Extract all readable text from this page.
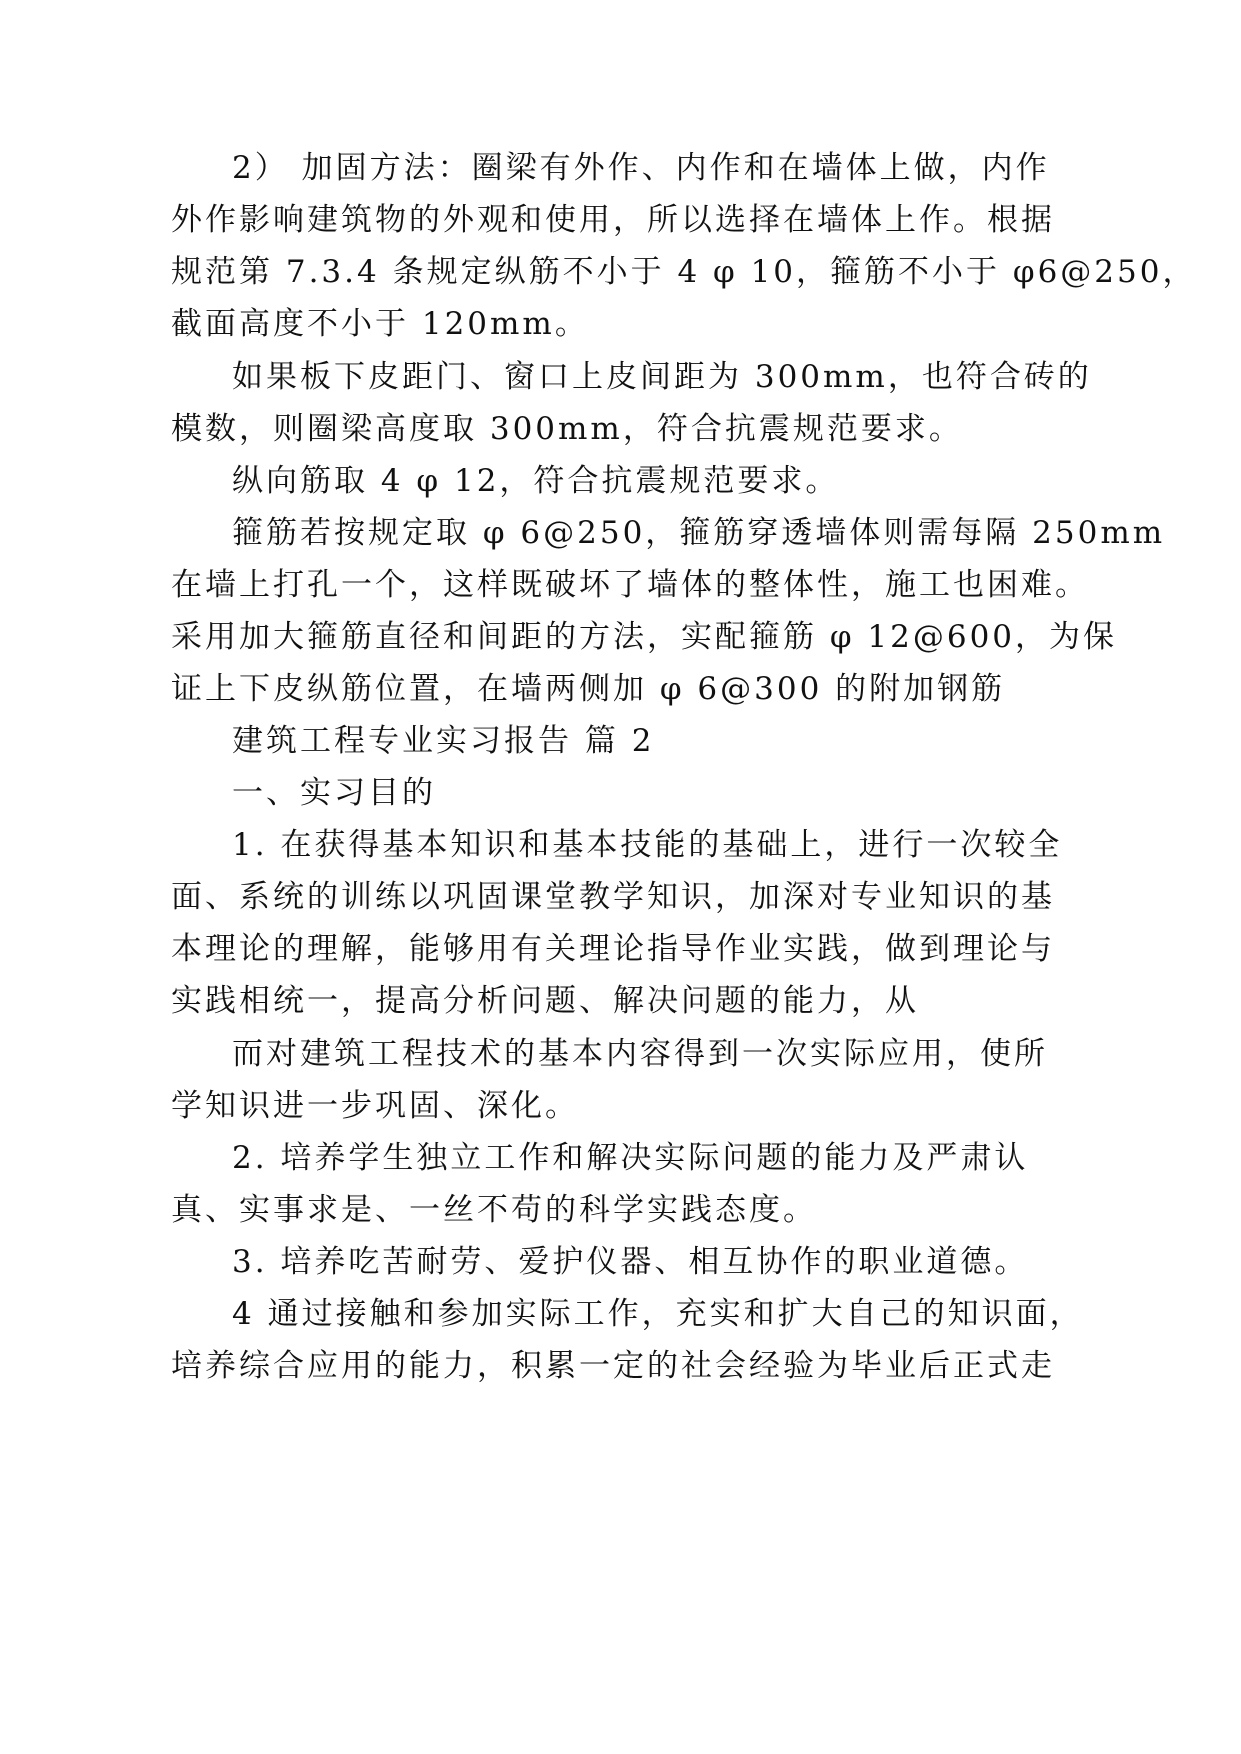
2） 加固方法：圈梁有外作、内作和在墙体上做，内作
外作影响建筑物的外观和使用，所以选择在墙体上作。根据
规范第 7.3.4 条规定纵筋不小于 4 φ 10，箍筋不小于 φ6@250，
截面高度不小于 120mm。
如果板下皮距门、窗口上皮间距为 300mm，也符合砖的
模数，则圈梁高度取 300mm，符合抗震规范要求。
纵向筋取 4 φ 12，符合抗震规范要求。
箍筋若按规定取 φ 6@250，箍筋穿透墙体则需每隔 250mm
在墙上打孔一个，这样既破坏了墙体的整体性，施工也困难。
采用加大箍筋直径和间距的方法，实配箍筋 φ 12@600，为保
证上下皮纵筋位置，在墙两侧加 φ 6@300 的附加钢筋
建筑工程专业实习报告 篇 2
一、实习目的
1. 在获得基本知识和基本技能的基础上，进行一次较全
面、系统的训练以巩固课堂教学知识，加深对专业知识的基
本理论的理解，能够用有关理论指导作业实践，做到理论与
实践相统一，提高分析问题、解决问题的能力，从
而对建筑工程技术的基本内容得到一次实际应用，使所
学知识进一步巩固、深化。
2. 培养学生独立工作和解决实际问题的能力及严肃认
真、实事求是、一丝不苟的科学实践态度。
3. 培养吃苦耐劳、爱护仪器、相互协作的职业道德。
4 通过接触和参加实际工作，充实和扩大自己的知识面，
培养综合应用的能力，积累一定的社会经验为毕业后正式走
